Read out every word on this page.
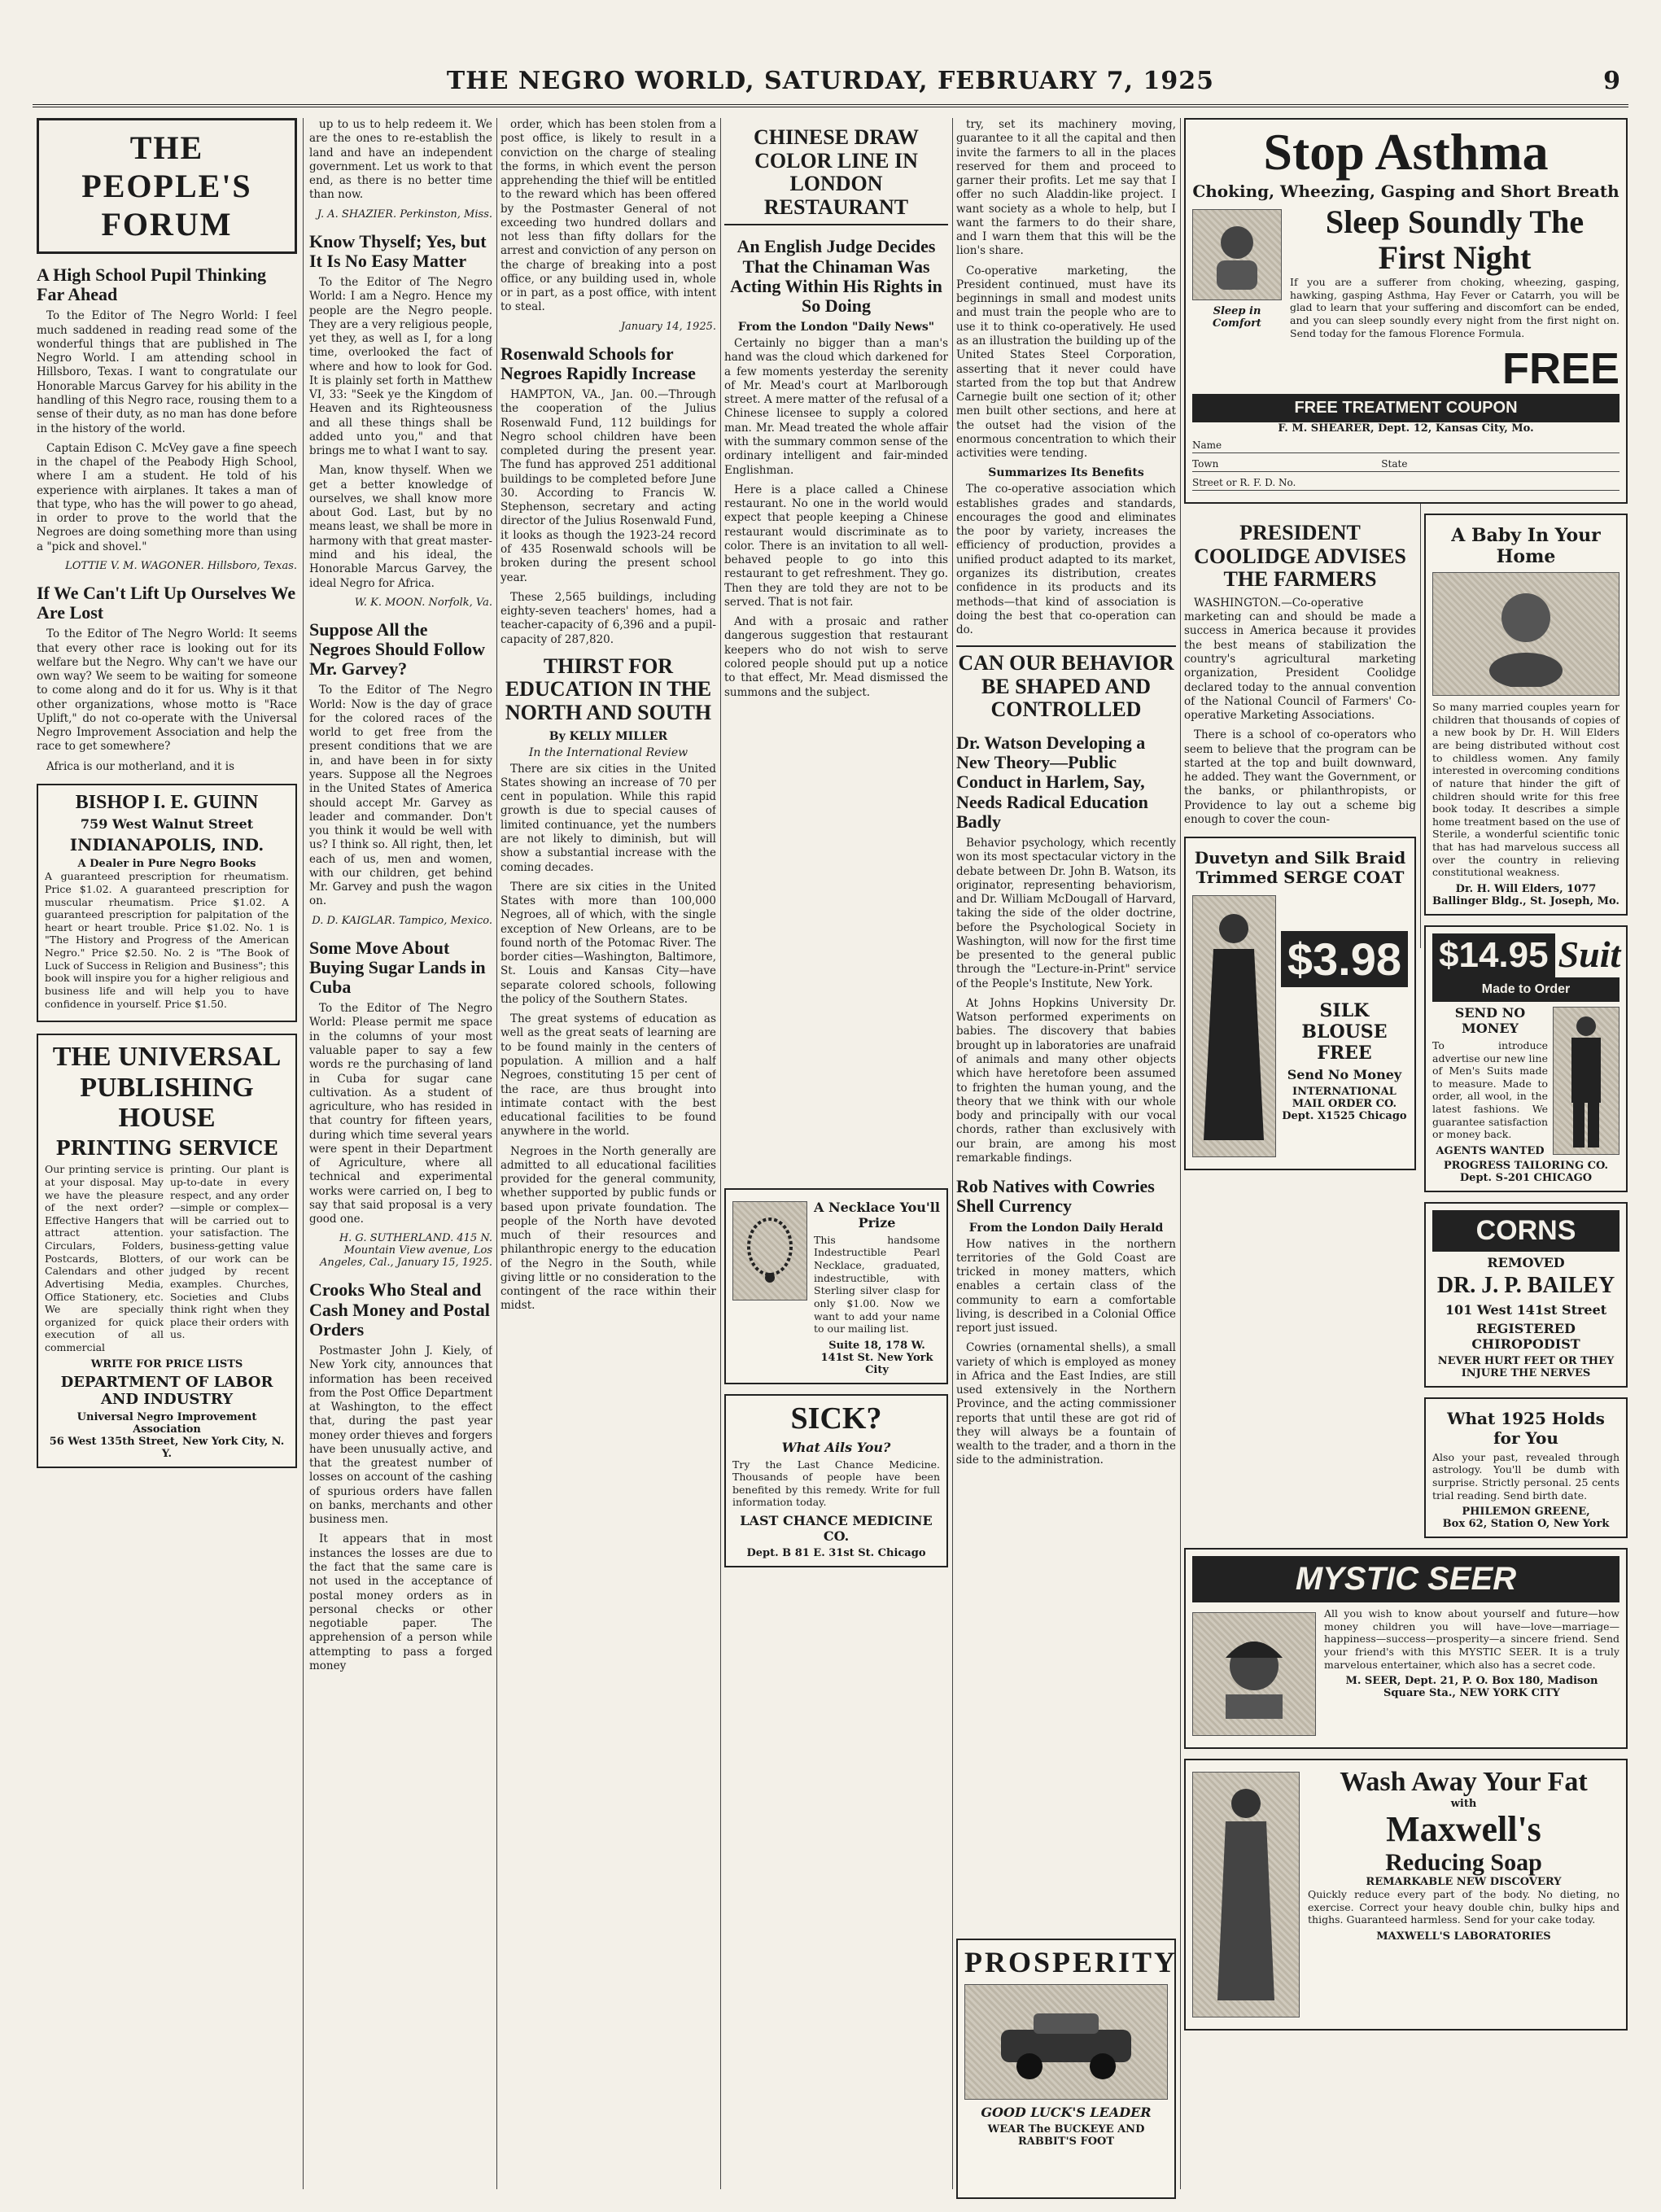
THE NEGRO WORLD, SATURDAY, FEBRUARY 7, 1925	9
THE PEOPLE'S FORUM
A High School Pupil Thinking Far Ahead

To the Editor of The Negro World: I feel much saddened in reading read some of the wonderful things that are published in The Negro World. I am attending school in Hillsboro, Texas. I want to congratulate our Honorable Marcus Garvey for his ability in the handling of this Negro race, rousing them to a sense of their duty, as no man has done before in the history of the world.

Captain Edison C. McVey gave a fine speech in the chapel of the Peabody High School, where I am a student. He told of his experience with airplanes. It takes a man of that type, who has the will power to go ahead, in order to prove to the world that the Negroes are doing something more than using a "pick and shovel."

LOTTIE V. M. WAGONER. Hillsboro, Texas.
If We Can't Lift Up Ourselves We Are Lost

To the Editor of The Negro World: It seems that every other race is looking out for its welfare but the Negro. Why can't we have our own way? We seem to be waiting for someone to come along and do it for us. Why is it that other organizations, whose motto is "Race Uplift," do not co-operate with the Universal Negro Improvement Association and help the race to get somewhere?

Africa is our motherland, and it is

BISHOP I. E. GUINN
759 West Walnut Street
INDIANAPOLIS, IND.
A Dealer in Pure Negro Books
A guaranteed prescription for rheumatism. Price $1.02. A guaranteed prescription for muscular rheumatism. Price $1.02. A guaranteed prescription for palpitation of the heart or heart trouble. Price $1.02. No. 1 is "The History and Progress of the American Negro." Price $2.50. No. 2 is "The Book of Luck of Success in Religion and Business"; this book will inspire you for a higher religious and business life and will help you to have confidence in yourself. Price $1.50.
THE UNIVERSAL PUBLISHING HOUSE
PRINTING SERVICE
Our printing service is at your disposal. May we have the pleasure of the next order? Effective Hangers that attract attention. Circulars, Folders, Postcards, Blotters, Calendars and other Advertising Media, Office Stationery, etc. We are specially organized for quick execution of all commercial
printing. Our plant is up-to-date in every respect, and any order—simple or complex—will be carried out to your satisfaction. The business-getting value of our work can be judged by recent examples. Churches, Societies and Clubs think right when they place their orders with us.
WRITE FOR PRICE LISTS
DEPARTMENT OF LABOR AND INDUSTRY
Universal Negro Improvement Association
56 West 135th Street, New York City, N. Y.

up to us to help redeem it. We are the ones to re-establish the land and have an independent government. Let us work to that end, as there is no better time than now.

J. A. SHAZIER. Perkinston, Miss.
Know Thyself; Yes, but It Is No Easy Matter

To the Editor of The Negro World: I am a Negro. Hence my people are the Negro people. They are a very religious people, yet they, as well as I, for a long time, overlooked the fact of where and how to look for God. It is plainly set forth in Matthew VI, 33: "Seek ye the Kingdom of Heaven and its Righteousness and all these things shall be added unto you," and that brings me to what I want to say.

Man, know thyself. When we get a better knowledge of ourselves, we shall know more about God. Last, but by no means least, we shall be more in harmony with that great master-mind and his ideal, the Honorable Marcus Garvey, the ideal Negro for Africa.

W. K. MOON. Norfolk, Va.
Suppose All the Negroes Should Follow Mr. Garvey?

To the Editor of The Negro World: Now is the day of grace for the colored races of the world to get free from the present conditions that we are in, and have been in for sixty years. Suppose all the Negroes in the United States of America should accept Mr. Garvey as leader and commander. Don't you think it would be well with us? I think so. All right, then, let each of us, men and women, with our children, get behind Mr. Garvey and push the wagon on.

D. D. KAIGLAR. Tampico, Mexico.
Some Move About Buying Sugar Lands in Cuba

To the Editor of The Negro World: Please permit me space in the columns of your most valuable paper to say a few words re the purchasing of land in Cuba for sugar cane cultivation. As a student of agriculture, who has resided in that country for fifteen years, during which time several years were spent in their Department of Agriculture, where all technical and experimental works were carried on, I beg to say that said proposal is a very good one.

H. G. SUTHERLAND. 415 N. Mountain View avenue, Los Angeles, Cal., January 15, 1925.
Crooks Who Steal and Cash Money and Postal Orders

Postmaster John J. Kiely, of New York city, announces that information has been received from the Post Office Department at Washington, to the effect that, during the past year money order thieves and forgers have been unusually active, and that the greatest number of losses on account of the cashing of spurious orders have fallen on banks, merchants and other business men.

It appears that in most instances the losses are due to the fact that the same care is not used in the acceptance of postal money orders as in personal checks or other negotiable paper. The apprehension of a person while attempting to pass a forged money

order, which has been stolen from a post office, is likely to result in a conviction on the charge of stealing the forms, in which event the person apprehending the thief will be entitled to the reward which has been offered by the Postmaster General of not exceeding two hundred dollars and not less than fifty dollars for the arrest and conviction of any person on the charge of breaking into a post office, or any building used in, whole or in part, as a post office, with intent to steal.

January 14, 1925.
Rosenwald Schools for Negroes Rapidly Increase

HAMPTON, VA., Jan. 00.—Through the cooperation of the Julius Rosenwald Fund, 112 buildings for Negro school children have been completed during the present year. The fund has approved 251 additional buildings to be completed before June 30. According to Francis W. Stephenson, secretary and acting director of the Julius Rosenwald Fund, it looks as though the 1923-24 record of 435 Rosenwald schools will be broken during the present school year.

These 2,565 buildings, including eighty-seven teachers' homes, had a teacher-capacity of 6,396 and a pupil-capacity of 287,820.

THIRST FOR EDUCATION IN THE NORTH AND SOUTH
By KELLY MILLER
In the International Review

There are six cities in the United States showing an increase of 70 per cent in population. While this rapid growth is due to special causes of limited continuance, yet the numbers are not likely to diminish, but will show a substantial increase with the coming decades.

There are six cities in the United States with more than 100,000 Negroes, all of which, with the single exception of New Orleans, are to be found north of the Potomac River. The border cities—Washington, Baltimore, St. Louis and Kansas City—have separate colored schools, following the policy of the Southern States.

The great systems of education as well as the great seats of learning are to be found mainly in the centers of population. A million and a half Negroes, constituting 15 per cent of the race, are thus brought into intimate contact with the best educational facilities to be found anywhere in the world.

Negroes in the North generally are admitted to all educational facilities provided for the general community, whether supported by public funds or based upon private foundation. The people of the North have devoted much of their resources and philanthropic energy to the education of the Negro in the South, while giving little or no consideration to the contingent of the race within their midst.

CHINESE DRAW COLOR LINE IN LONDON RESTAURANT
An English Judge Decides That the Chinaman Was Acting Within His Rights in So Doing
From the London "Daily News"

Certainly no bigger than a man's hand was the cloud which darkened for a few moments yesterday the serenity of Mr. Mead's court at Marlborough street. A mere matter of the refusal of a Chinese licensee to supply a colored man. Mr. Mead treated the whole affair with the summary common sense of the ordinary intelligent and fair-minded Englishman.

Here is a place called a Chinese restaurant. No one in the world would expect that people keeping a Chinese restaurant would discriminate as to color. There is an invitation to all well-behaved people to go into this restaurant to get refreshment. They go. Then they are told they are not to be served. That is not fair.

And with a prosaic and rather dangerous suggestion that restaurant keepers who do not wish to serve colored people should put up a notice to that effect, Mr. Mead dismissed the summons and the subject.

A Necklace You'll Prize
This handsome Indestructible Pearl Necklace, graduated, indestructible, with Sterling silver clasp for only $1.00. Now we want to add your name to our mailing list.
Suite 18, 178 W. 141st St. New York City
SICK?
What Ails You?
Try the Last Chance Medicine. Thousands of people have been benefited by this remedy. Write for full information today.
LAST CHANCE MEDICINE CO.
Dept. B 81 E. 31st St. Chicago

try, set its machinery moving, guarantee to it all the capital and then invite the farmers to all in the places reserved for them and proceed to garner their profits. Let me say that I offer no such Aladdin-like project. I want society as a whole to help, but I want the farmers to do their share, and I warn them that this will be the lion's share.

Co-operative marketing, the President continued, must have its beginnings in small and modest units and must train the people who are to use it to think co-operatively. He used as an illustration the building up of the United States Steel Corporation, asserting that it never could have started from the top but that Andrew Carnegie built one section of it; other men built other sections, and here at the outset had the vision of the enormous concentration to which their activities were tending.

Summarizes Its Benefits

The co-operative association which establishes grades and standards, encourages the good and eliminates the poor by variety, increases the efficiency of production, provides a unified product adapted to its market, organizes its distribution, creates confidence in its products and its methods—that kind of association is doing the best that co-operation can do.

CAN OUR BEHAVIOR BE SHAPED AND CONTROLLED
Dr. Watson Developing a New Theory—Public Conduct in Harlem, Say, Needs Radical Education Badly

Behavior psychology, which recently won its most spectacular victory in the debate between Dr. John B. Watson, its originator, representing behaviorism, and Dr. William McDougall of Harvard, taking the side of the older doctrine, before the Psychological Society in Washington, will now for the first time be presented to the general public through the "Lecture-in-Print" service of the People's Institute, New York.

At Johns Hopkins University Dr. Watson performed experiments on babies. The discovery that babies brought up in laboratories are unafraid of animals and many other objects which have heretofore been assumed to frighten the human young, and the theory that we think with our whole body and principally with our vocal chords, rather than exclusively with our brain, are among his most remarkable findings.

Rob Natives with Cowries Shell Currency
From the London Daily Herald

How natives in the northern territories of the Gold Coast are tricked in money matters, which enables a certain class of the community to earn a comfortable living, is described in a Colonial Office report just issued.

Cowries (ornamental shells), a small variety of which is employed as money in Africa and the East Indies, are still used extensively in the Northern Province, and the acting commissioner reports that until these are got rid of they will always be a fountain of wealth to the trader, and a thorn in the side to the administration.

PROSPERITY
GOOD LUCK'S LEADER
WEAR The BUCKEYE AND RABBIT'S FOOT
Stop Asthma
Choking, Wheezing, Gasping and Short Breath
Sleep in Comfort
Sleep Soundly The First Night
If you are a sufferer from choking, wheezing, gasping, hawking, gasping Asthma, Hay Fever or Catarrh, you will be glad to learn that your suffering and discomfort can be ended, and you can sleep soundly every night from the first night on. Send today for the famous Florence Formula.
FREE
FREE TREATMENT COUPON
F. M. SHEARER, Dept. 12, Kansas City, Mo.
Name
Town	State
Street or R. F. D. No.
PRESIDENT COOLIDGE ADVISES THE FARMERS

WASHINGTON.—Co-operative marketing can and should be made a success in America because it provides the best means of stabilization the country's agricultural marketing organization, President Coolidge declared today to the annual convention of the National Council of Farmers' Co-operative Marketing Associations.

There is a school of co-operators who seem to believe that the program can be started at the top and built downward, he added. They want the Government, or the banks, or philanthropists, or Providence to lay out a scheme big enough to cover the coun-

Duvetyn and Silk Braid Trimmed SERGE COAT
$3.98
SILK BLOUSE FREE
Send No Money
INTERNATIONAL MAIL ORDER CO.
Dept. X1525 Chicago
A Baby In Your Home
So many married couples yearn for children that thousands of copies of a new book by Dr. H. Will Elders are being distributed without cost to childless women. Any family interested in overcoming conditions of nature that hinder the gift of children should write for this free book today. It describes a simple home treatment based on the use of Sterile, a wonderful scientific tonic that has had marvelous success all over the country in relieving constitutional weakness.
Dr. H. Will Elders, 1077 Ballinger Bldg., St. Joseph, Mo.
$14.95 Suit
Made to Order
SEND NO MONEY
To introduce advertise our new line of Men's Suits made to measure. Made to order, all wool, in the latest fashions. We guarantee satisfaction or money back.
AGENTS WANTED
PROGRESS TAILORING CO.
Dept. S-201 CHICAGO
CORNS
REMOVED
DR. J. P. BAILEY
101 West 141st Street
REGISTERED CHIROPODIST
NEVER HURT FEET OR THEY INJURE THE NERVES
What 1925 Holds for You
Also your past, revealed through astrology. You'll be dumb with surprise. Strictly personal. 25 cents trial reading. Send birth date.
PHILEMON GREENE,
Box 62, Station O, New York
MYSTIC SEER
All you wish to know about yourself and future—how money children you will have—love—marriage—happiness—success—prosperity—a sincere friend. Send your friend's with this MYSTIC SEER. It is a truly marvelous entertainer, which also has a secret code.
M. SEER, Dept. 21, P. O. Box 180, Madison Square Sta., NEW YORK CITY
Wash Away Your Fat
with
Maxwell's
Reducing Soap
REMARKABLE NEW DISCOVERY
Quickly reduce every part of the body. No dieting, no exercise. Correct your heavy double chin, bulky hips and thighs. Guaranteed harmless. Send for your cake today.
MAXWELL'S LABORATORIES
